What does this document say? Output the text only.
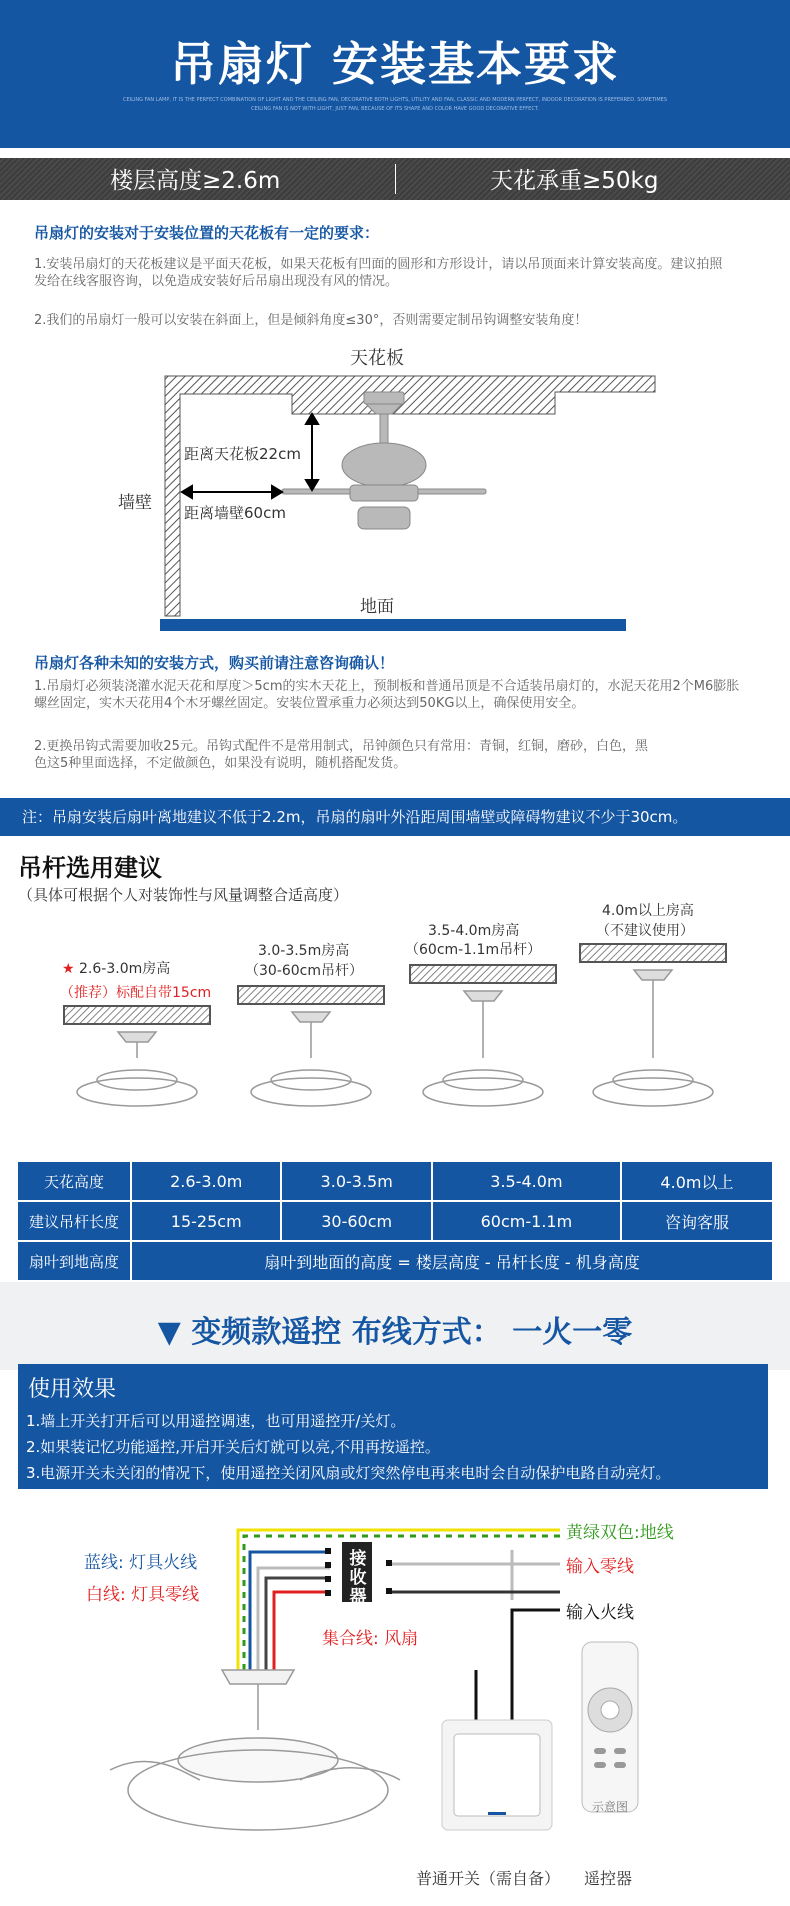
吊扇灯 安装基本要求
CEILING FAN LAMP, IT IS THE PERFECT COMBINATION OF LIGHT AND THE CEILING FAN, DECORATIVE BOTH LIGHTS, UTILITY AND FAN, CLASSIC AND MODERN PERFECT, INDOOR DECORATION IS PREFERRED. SOMETIMES CEILING FAN IS NOT WITH LIGHT, JUST FAN, BECAUSE OF ITS SHAPE AND COLOR HAVE GOOD DECORATIVE EFFECT.
楼层高度≥2.6m	天花承重≥50kg
吊扇灯的安装对于安装位置的天花板有一定的要求：
1.安装吊扇灯的天花板建议是平面天花板，如果天花板有凹面的圆形和方形设计，请以吊顶面来计算安装高度。建议拍照发给在线客服咨询，以免造成安装好后吊扇出现没有风的情况。
2.我们的吊扇灯一般可以安装在斜面上，但是倾斜角度≤30°，否则需要定制吊钩调整安装角度！
天花板
墙壁
地面
距离天花板22cm
距离墙壁60cm
吊扇灯各种未知的安装方式，购买前请注意咨询确认！
1.吊扇灯必须装浇灌水泥天花和厚度＞5cm的实木天花上，预制板和普通吊顶是不合适装吊扇灯的，水泥天花用2个M6膨胀螺丝固定，实木天花用4个木牙螺丝固定。安装位置承重力必须达到50KG以上，确保使用安全。
2.更换吊钩式需要加收25元。吊钩式配件不是常用制式，吊钟颜色只有常用：青铜，红铜，磨砂，白色，黑色这5种里面选择，不定做颜色，如果没有说明，随机搭配发货。
注：吊扇安装后扇叶离地建议不低于2.2m，吊扇的扇叶外沿距周围墙壁或障碍物建议不少于30cm。
吊杆选用建议
（具体可根据个人对装饰性与风量调整合适高度）
★ 2.6-3.0m房高
（推荐）标配自带15cm
3.0-3.5m房高
（30-60cm吊杆）
3.5-4.0m房高
（60cm-1.1m吊杆）
4.0m以上房高
（不建议使用）
天花高度	2.6-3.0m	3.0-3.5m	3.5-4.0m	4.0m以上
建议吊杆长度	15-25cm	30-60cm	60cm-1.1m	咨询客服
扇叶到地高度	扇叶到地面的高度 = 楼层高度 - 吊杆长度 - 机身高度			
▼ 变频款遥控 布线方式： 一火一零
使用效果
1.墙上开关打开后可以用遥控调速，也可用遥控开/关灯。
2.如果装记忆功能遥控,开启开关后灯就可以亮,不用再按遥控。
3.电源开关未关闭的情况下，使用遥控关闭风扇或灯突然停电再来电时会自动保护电路自动亮灯。
接收器
黄绿双色:地线
输入零线
输入火线
蓝线: 灯具火线
白线: 灯具零线
集合线: 风扇
普通开关（需自备） 遥控器
示意图
